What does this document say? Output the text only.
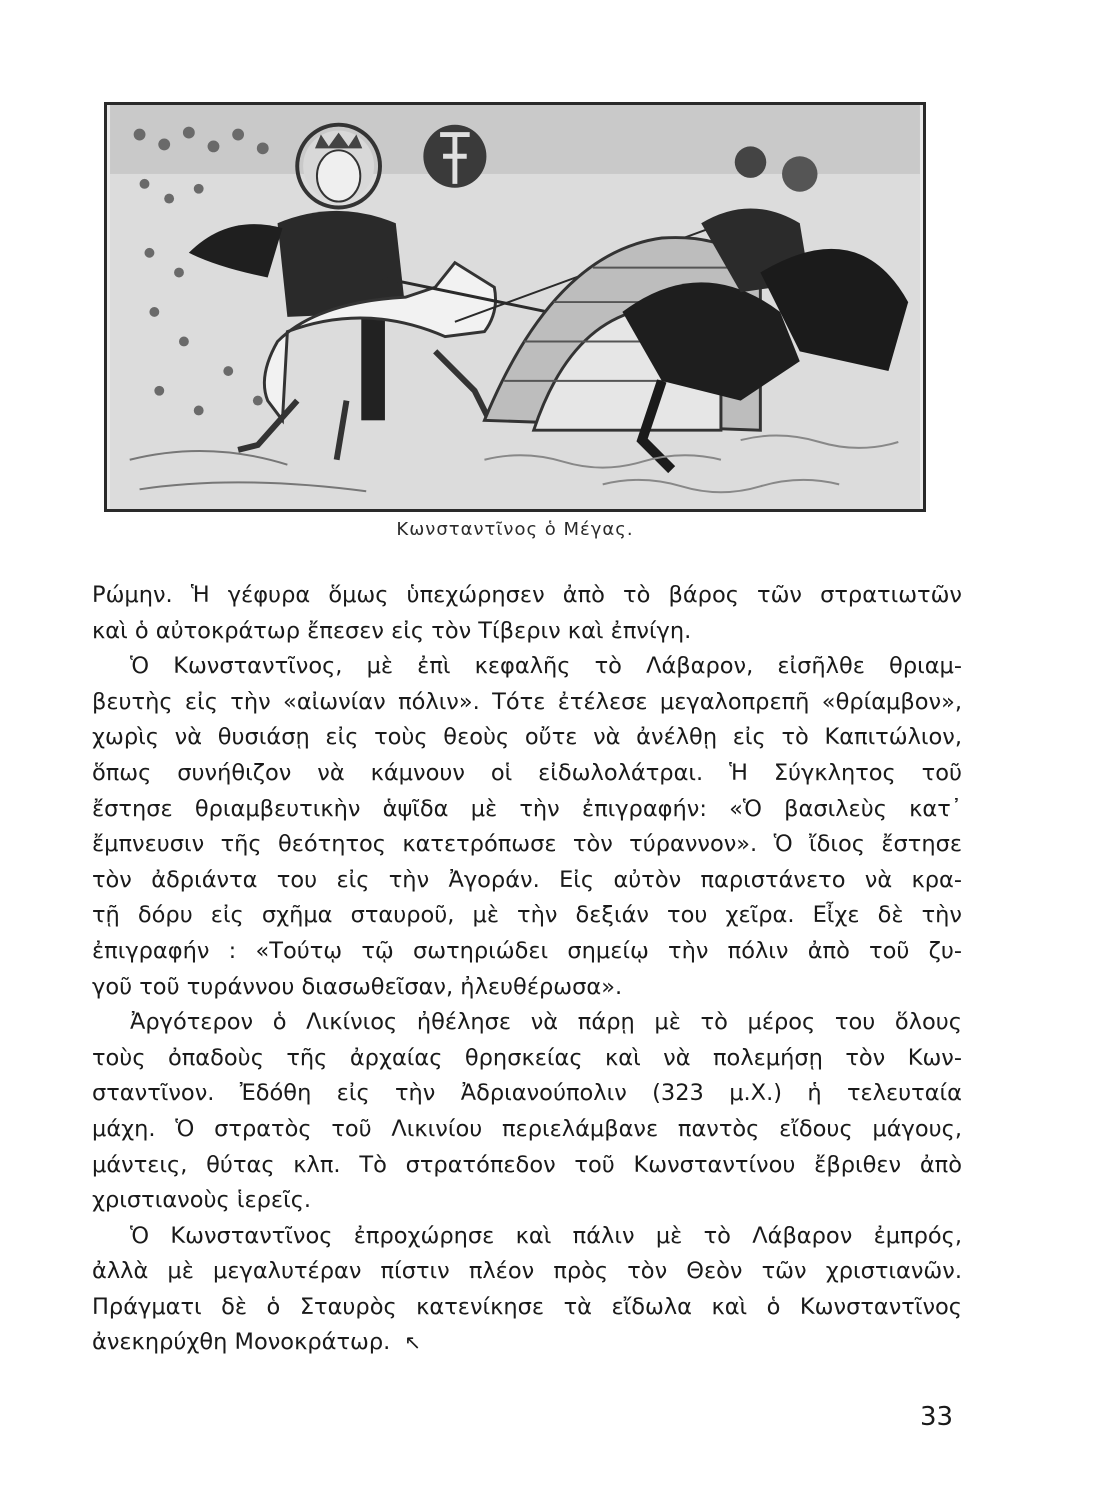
Κωνσταντῖνος ὁ Μέγας.
Ρώμην. Ἡ γέφυρα ὅμως ὑπεχώρησεν ἀπὸ τὸ βάρος τῶν στρατιωτῶν
καὶ ὁ αὐτοκράτωρ ἔπεσεν εἰς τὸν Τίβεριν καὶ ἐπνίγη.
Ὁ Κωνσταντῖνος, μὲ ἐπὶ κεφαλῆς τὸ Λάβαρον, εἰσῆλθε θριαμ-
βευτὴς εἰς τὴν «αἰωνίαν πόλιν». Τότε ἐτέλεσε μεγαλοπρεπῆ «θρίαμβον»,
χωρὶς νὰ θυσιάσῃ εἰς τοὺς θεοὺς οὔτε νὰ ἀνέλθῃ εἰς τὸ Καπιτώλιον,
ὅπως συνήθιζον νὰ κάμνουν οἱ εἰδωλολάτραι. Ἡ Σύγκλητος τοῦ
ἔστησε θριαμβευτικὴν ἁψῖδα μὲ τὴν ἐπιγραφήν: «Ὁ βασιλεὺς κατ᾽
ἔμπνευσιν τῆς θεότητος κατετρόπωσε τὸν τύραννον». Ὁ ἴδιος ἔστησε
τὸν ἀδριάντα του εἰς τὴν Ἀγοράν. Εἰς αὐτὸν παριστάνετο νὰ κρα-
τῇ δόρυ εἰς σχῆμα σταυροῦ, μὲ τὴν δεξιάν του χεῖρα. Εἶχε δὲ τὴν
ἐπιγραφήν : «Τούτῳ τῷ σωτηριώδει σημείῳ τὴν πόλιν ἀπὸ τοῦ ζυ-
γοῦ τοῦ τυράννου διασωθεῖσαν, ἠλευθέρωσα».
Ἀργότερον ὁ Λικίνιος ἠθέλησε νὰ πάρῃ μὲ τὸ μέρος του ὅλους
τοὺς ὀπαδοὺς τῆς ἀρχαίας θρησκείας καὶ νὰ πολεμήσῃ τὸν Κων-
σταντῖνον. Ἐδόθη εἰς τὴν Ἀδριανούπολιν (323 μ.Χ.) ἡ τελευταία
μάχη. Ὁ στρατὸς τοῦ Λικινίου περιελάμβανε παντὸς εἴδους μάγους,
μάντεις, θύτας κλπ. Τὸ στρατόπεδον τοῦ Κωνσταντίνου ἔβριθεν ἀπὸ
χριστιανοὺς ἱερεῖς.
Ὁ Κωνσταντῖνος ἐπροχώρησε καὶ πάλιν μὲ τὸ Λάβαρον ἐμπρός,
ἀλλὰ μὲ μεγαλυτέραν πίστιν πλέον πρὸς τὸν Θεὸν τῶν χριστιανῶν.
Πράγματι δὲ ὁ Σταυρὸς κατενίκησε τὰ εἴδωλα καὶ ὁ Κωνσταντῖνος
ἀνεκηρύχθη Μονοκράτωρ. ↖
33
